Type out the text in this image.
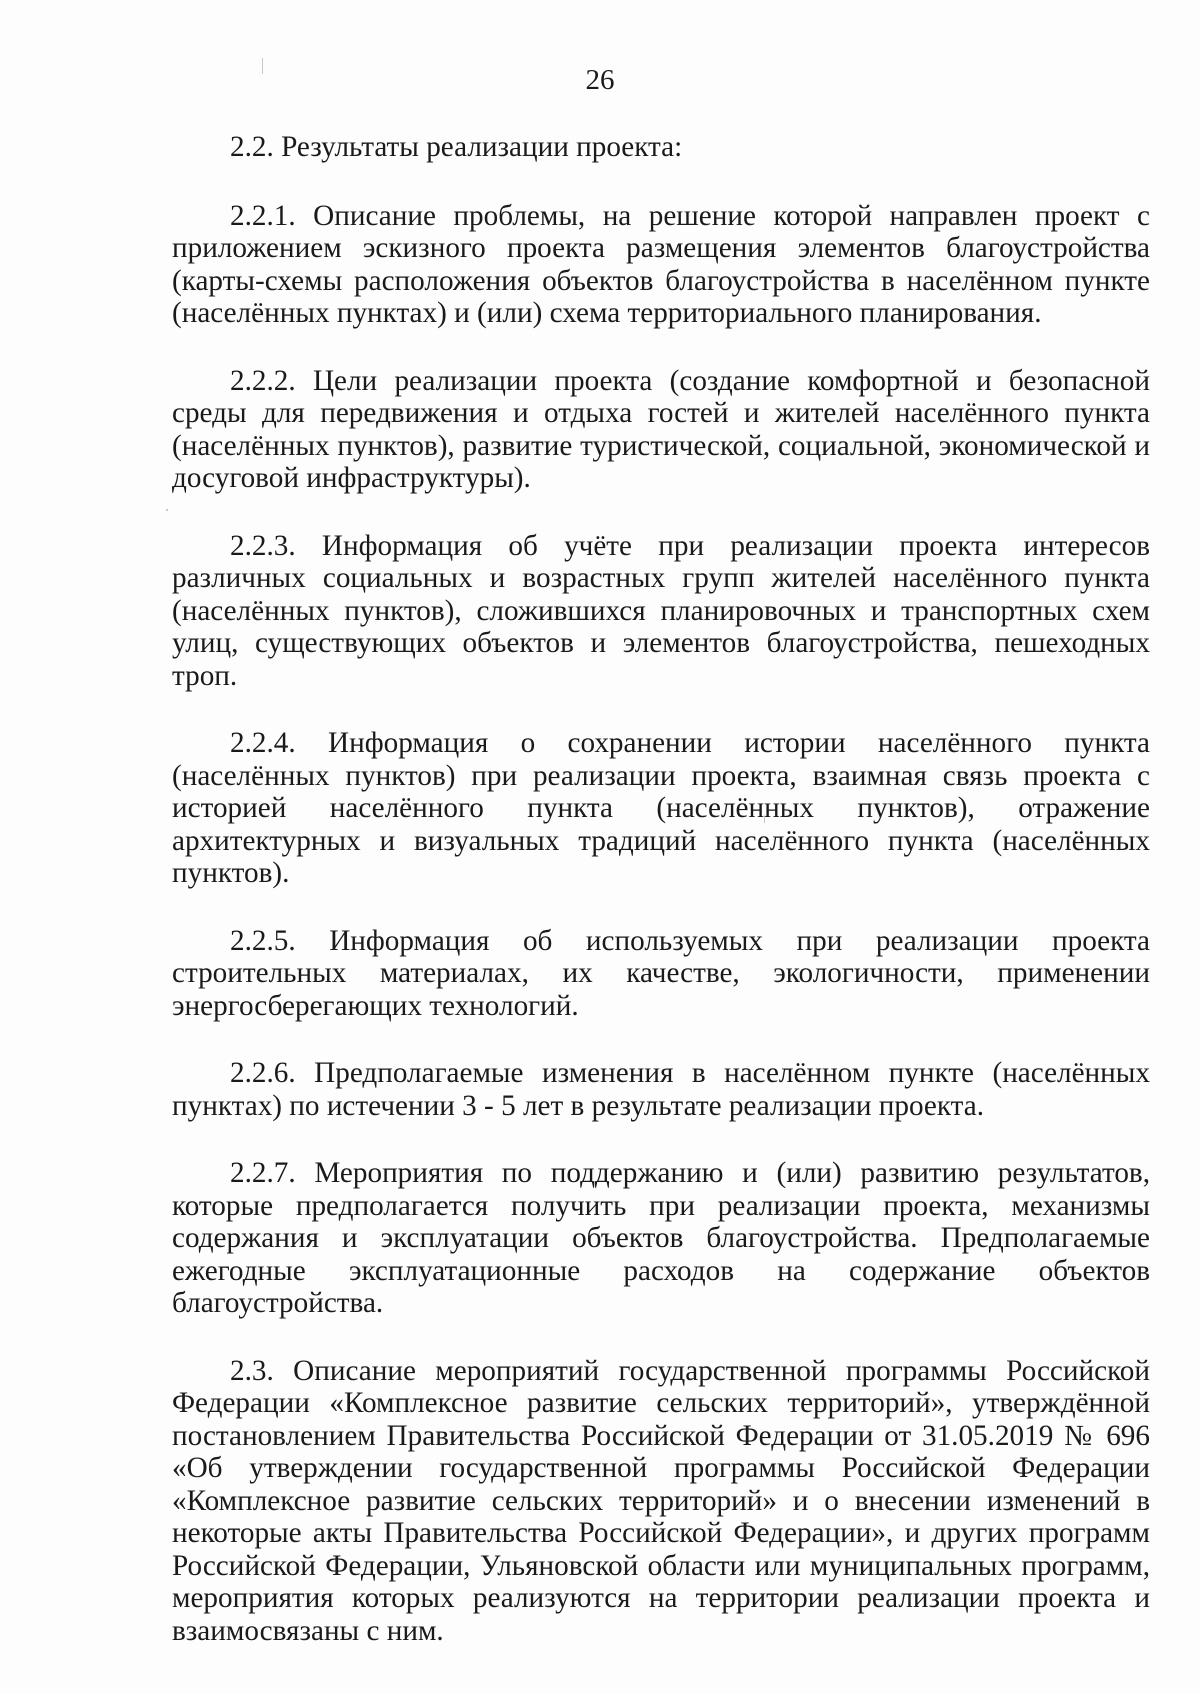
26

2.2. Результаты реализации проекта:

2.2.1. Описание проблемы, на решение которой направлен проект с приложением эскизного проекта размещения элементов благоустройства (карты-схемы расположения объектов благоустройства в населённом пункте (населённых пунктах) и (или) схема территориального планирования.

2.2.2. Цели реализации проекта (создание комфортной и безопасной среды для передвижения и отдыха гостей и жителей населённого пункта (населённых пунктов), развитие туристической, социальной, экономической и досуговой инфраструктуры).

2.2.3. Информация об учёте при реализации проекта интересов различных социальных и возрастных групп жителей населённого пункта (населённых пунктов), сложившихся планировочных и транспортных схем улиц, существующих объектов и элементов благоустройства, пешеходных троп.

2.2.4. Информация о сохранении истории населённого пункта (населённых пунктов) при реализации проекта, взаимная связь проекта с историей населённого пункта (населённых пунктов), отражение архитектурных и визуальных традиций населённого пункта (населённых пунктов).

2.2.5. Информация об используемых при реализации проекта строительных материалах, их качестве, экологичности, применении энергосберегающих технологий.

2.2.6. Предполагаемые изменения в населённом пункте (населённых пунктах) по истечении 3 - 5 лет в результате реализации проекта.

2.2.7. Мероприятия по поддержанию и (или) развитию результатов, которые предполагается получить при реализации проекта, механизмы содержания и эксплуатации объектов благоустройства. Предполагаемые ежегодные эксплуатационные расходов на содержание объектов благоустройства.

2.3. Описание мероприятий государственной программы Российской Федерации «Комплексное развитие сельских территорий», утверждённой постановлением Правительства Российской Федерации от 31.05.2019 № 696 «Об утверждении государственной программы Российской Федерации «Комплексное развитие сельских территорий» и о внесении изменений в некоторые акты Правительства Российской Федерации», и других программ Российской Федерации, Ульяновской области или муниципальных программ, мероприятия которых реализуются на территории реализации проекта и взаимосвязаны с ним.
